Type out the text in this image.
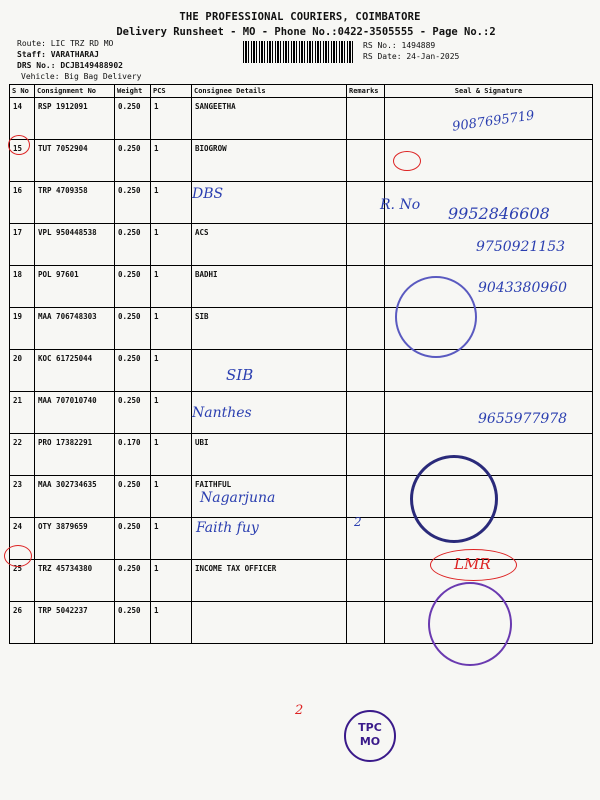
THE PROFESSIONAL COURIERS, COIMBATORE
Delivery Runsheet - MO - Phone No.:0422-3505555 - Page No.:2
Route: LIC TRZ RD MO
Staff: VARATHARAJ
DRS No.: DCJB149488902
Vehicle: Big Bag Delivery
RS No.: 1494889
RS Date: 24-Jan-2025
S No	Consignment No	Weight	PCS	Consignee Details	Remarks	Seal & Signature
14	RSP 1912091	0.250	1	SANGEETHA		
15	TUT 7052904	0.250	1	BIOGROW		
16	TRP 4709358	0.250	1			
17	VPL 950448538	0.250	1	ACS		
18	POL 97601	0.250	1	BADHI		
19	MAA 706748303	0.250	1	SIB		
20	KOC 61725044	0.250	1			
21	MAA 707010740	0.250	1			
22	PRO 17382291	0.170	1	UBI		
23	MAA 302734635	0.250	1	FAITHFUL		
24	OTY 3879659	0.250	1			
25	TRZ 45734380	0.250	1	INCOME TAX OFFICER		
26	TRP 5042237	0.250	1			
9087695719
DBS
R. No 9952846608
9750921153
9043380960
SIB
Nanthes	9655977978
Nagarjuna
Faith fuy
LMR
2
2
TPC
MO
